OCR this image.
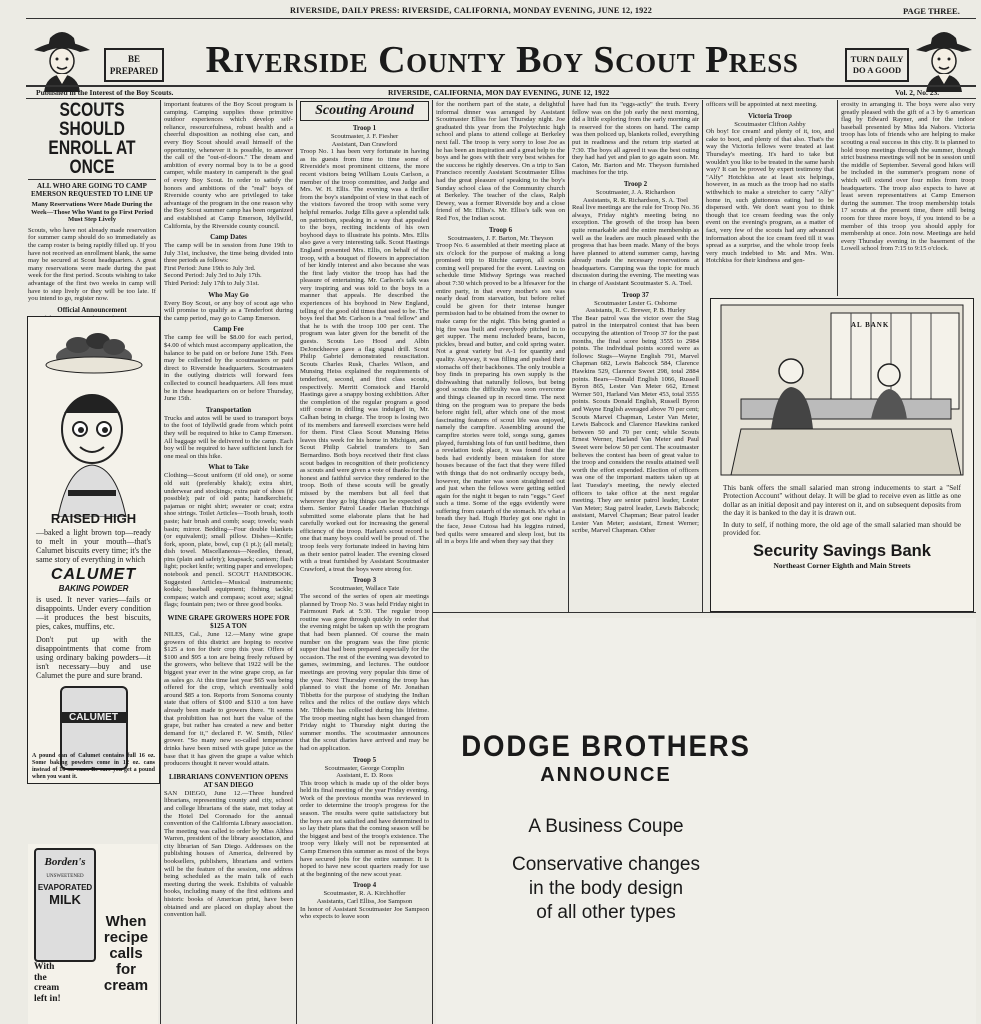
RIVERSIDE, DAILY PRESS: RIVERSIDE, CALIFORNIA, MONDAY EVENING, JUNE 12, 1922	PAGE THREE.
BE PREPARED	Riverside County Boy Scout Press	TURN DAILY DO A GOOD
Published in the Interest of the Boy Scouts.	RIVERSIDE, CALIFORNIA, MON DAY EVENING, JUNE 12, 1922	Vol. 2, No. 23.
SCOUTS SHOULD ENROLL AT ONCE
ALL WHO ARE GOING TO CAMP EMERSON REQUESTED TO LINE UP
Many Reservations Were Made During the Week—Those Who Want to go First Period Must Step Lively
Scouts, who have not already made reservation for summer camp should do so immediately as the camp roster is being rapidly filled up. If you have not received an enrollment blank, the same may be secured at Scout headquarters. A great many reservations were made during the past week for the first period. Scouts wishing to take advantage of the first two weeks in camp will have to step lively or they will be too late. If you intend to go, register now.
Official Announcement
RAISED HIGH
—baked a light brown top—ready to melt in your mouth—that's Calumet biscuits every time; it's the same story of everything in which
CALUMET
BAKING POWDER
is used. It never varies—fails or disappoints. Under every condition—it produces the best biscuits, pies, cakes, muffins, etc.
Don't put up with the disappointments that come from using ordinary baking powders—it isn't necessary—buy and use Calumet the pure and sure brand.
CALUMET
A pound can of Calumet contains full 16 oz. Some baking powders come in 12 oz. cans instead of 16 oz. cans. Be sure you get a pound when you want it.
Borden's
UNSWEETENED
EVAPORATED
MILK
With the cream left in!
When recipe calls for cream
important features of the Boy Scout program is camping. Camping supplies those primitive outdoor experiences which develop self-reliance, resourcefulness, robust health and a cheerful disposition as nothing else can, and every Boy Scout should avail himself of the opportunity, whenever it is possible, to answer the call of the "out-of-doors." The dream and ambition of every normal boy is to be a good camper, while mastery in camperaft is the goal of every Boy Scout. In order to satisfy the honors and ambitions of the "real" boys of Riverside county who are privileged to take advantage of the program in the one reason why the Boy Scout summer camp has been organized and established at Camp Emerson, Idyllwild, California, by the Riverside county council.
Camp Dates
The camp will be in session from June 19th to July 31st, inclusive, the time being divided into three periods as follows:
First Period: June 19th to July 3rd.
Second Period: July 3rd to July 17th.
Third Period: July 17th to July 31st.
Who May Go
Every Boy Scout, or any boy of scout age who will promise to qualify as a Tenderfoot during the camp period, may go to Camp Emerson.
Camp Fee
The camp fee will be $8.00 for each period, $4.00 of which must accompany application, the balance to be paid on or before June 15th. Fees may be collected by the scoutmasters or paid direct to Riverside headquarters. Scoutmasters in the outlying districts will forward fees collected to council headquarters. All fees must be in these headquarters on or before Thursday, June 15th.
Transportation
Trucks and autos will be used to transport boys to the foot of Idyllwild grade from which point they will be required to hike to Camp Emerson. All baggage will be delivered to the camp. Each boy will be required to have sufficient lunch for one meal on this hike.
What to Take
Clothing—Scout uniform (if old one), or some old suit (preferably khaki); extra shirt, underwear and stockings; extra pair of shoes (if possible); pair of old pants; handkerchiefs; pajamas or night shirt; sweater or coat; extra shoe strings. Toilet Articles—Tooth brush, tooth paste; hair brush and comb; soap; towels; wash basin; mirror. Bedding—Four double blankets (or equivalent); small pillow. Dishes—Knife; fork, spoon, plate, bowl, cup (1 pt.); (all metal); dish towel. Miscellaneous—Needles, thread, pins (plain and safety); knapsack; canteen; flash light; pocket knife; writing paper and envelopes; notebook and pencil. SCOUT HANDBOOK. Suggested Articles—Musical instruments; kodak; baseball equipment; fishing tackle; compass; watch and compass; scout axe; signal flags; fountain pen; two or three good books.
WINE GRAPE GROWERS HOPE FOR $125 A TON
NILES, Cal., June 12.—Many wine grape growers of this district are hoping to receive $125 a ton for their crop this year. Offers of $100 and $95 a ton are being freely refused by the growers, who believe that 1922 will be the biggest year ever in the wine grape crop, as far as sales go. At this time last year $65 was being offered for the crop, which eventually sold around $85 a ton. Reports from Sonoma county state that offers of $100 and $110 a ton have already been made to growers there. "It seems that prohibition has not hurt the value of the grape, but rather has created a new and better demand for it," declared F. W. Smith, Niles' grower. "So many new so-called temperance drinks have been mixed with grape juice as the base that it has given the grape a value which producers thought it never would attain.
LIBRARIANS CONVENTION OPENS AT SAN DIEGO
SAN DIEGO, June 12.—Three hundred librarians, representing county and city, school and college librarians of the state, met today at the Hotel Del Coronado for the annual convention of the California Library association. The meeting was called to order by Miss Althea Warren, president of the library association, and city librarian of San Diego. Addresses on the publishing houses of America, delivered by booksellers, publishers, librarians and writers will be the feature of the session, one address being scheduled as the main talk of each meeting during the week. Exhibits of valuable books, including many of the first editions and historic books of American print, have been obtained and are placed on display about the convention hall.
Scouting Around
Troop 1
Scoutmaster, J. F. Fiesher
Assistant, Dan Crawford
Troop No. 1 has been very fortunate in having as its guests from time to time some of Riverside's most prominent citizens, the more recent visitors being William Louis Carlson, a member of the troop committee, and Judge and Mrs. W. H. Ellis. The evening was a thriller from the boy's standpoint of view in that each of the visitors favored the troop with some very helpful remarks. Judge Ellis gave a splendid talk on patriotism, speaking in a way that appealed to the boys, reciting incidents of his own boyhood days to illustrate his points. Mrs. Ellis also gave a very interesting talk. Scout Hastings England presented Mrs. Ellis, on behalf of the troop, with a bouquet of flowers in appreciation of her kindly interest and also because she was the first lady visitor the troop has had the pleasure of entertaining. Mr. Carlson's talk was very inspiring and was told to the boys in a manner that appeals. He described the experiences of his boyhood in New England, telling of the good old times that used to be. The boys feel that Mr. Carlson is a "real fellow" and that he is with the troop 100 per cent. The program was later given for the benefit of the guests. Scouts Leo Hood and Albin DeJonckheeve gave a flag signal drill. Scout Philip Gabriel demonstrated resuscitation. Scouts Charles Rusk, Charles Wilson, and Munsing Heiss explained the requirements of tenderfoot, second, and first class scouts, respectively. Merritt Comstock and Harold Hastings gave a snappy boxing exhibition. After the completion of the regular program a good stiff course in drilling was indulged in, Mr. Calhan being in charge. The troop is losing two of its members and farewell exercises were held for them. First Class Scout Munsing Heiss leaves this week for his home in Michigan, and Scout Philip Gabriel transfers to San Bernardino. Both boys received their first class scout badges in recognition of their proficiency as scouts and were given a vote of thanks for the honest and faithful service they rendered to the troop. Both of these scouts will be greatly missed by the members but all feel that wherever they go big things can be expected of them. Senior Patrol Leader Harlan Hutchings submitted some elaborate plans that he had carefully worked out for increasing the general efficiency of the troop. Harlan's scout record is one that many boys could well be proud of. The troop feels very fortunate indeed in having him as their senior patrol leader. The evening closed with a treat furnished by Assistant Scoutmaster Crawford, a treat the boys were strong for.
Troop 3
Scoutmaster, Wallace Tate
The second of the series of open air meetings planned by Troop No. 3 was held Friday night in Fairmount Park at 5:30. The regular troop routine was gone through quickly in order that the evening might be taken up with the program that had been planned. Of course the main number on the program was the fine picnic supper that had been prepared especially for the occasion. The rest of the evening was devoted to games, swimming, and lectures. The outdoor meetings are proving very popular this time of the year. Next Thursday evening the troop has planned to visit the home of Mr. Jonathan Tibbetts for the purpose of studying the Indian relics and the relics of the outlaw days which Mr. Tibbetts has collected during his lifetime. The troop meeting night has been changed from Friday night to Thursday night during the summer months. The scoutmaster announces that the scout diaries have arrived and may be had on application.
Troop 5
Scoutmaster, George Complin
Assistant, E. D. Roos
This troop which is made up of the older boys held its final meeting of the year Friday evening. Work of the previous months was reviewed in order to determine the troop's progress for the season. The results were quite satisfactory but the boys are not satisfied and have determined to so lay their plans that the coming season will be the biggest and best of the troop's existence. The troop very likely will not be represented at Camp Emerson this summer as most of the boys have secured jobs for the entire summer. It is hoped to have new scout quarters ready for use at the beginning of the new scout year.
Troop 4
Scoutmaster, R. A. Kirchhoffer
Assistants, Carl Elliss, Joe Sampson
In honor of Assistant Scoutmaster Joe Sampson who expects to leave soon
for the northern part of the state, a delightful informal dinner was arranged by Assistant Scoutmaster Elliss for last Thursday night. Joe graduated this year from the Polytechnic high school and plans to attend college at Berkeley next fall. The troop is very sorry to lose Joe as he has been an inspiration and a great help to the boys and he goes with their very best wishes for the success he rightly deserves. On a trip to San Francisco recently Assistant Scoutmaster Elliss had the great pleasure of speaking to the boy's Sunday school class of the Community church at Berkeley. The teacher of the class, Ralph Dewey, was a former Riverside boy and a close friend of Mr. Elliss's. Mr. Elliss's talk was on Red Fox, the Indian scout.
Troop 6
Scoutmasters, J. F. Barton, Mr. Theyson
Troop No. 6 assembled at their meeting place at six o'clock for the purpose of making a long promised trip to Ritchie canyon, all scouts coming well prepared for the event. Leaving on schedule time Midway Springs was reached about 7:30 which proved to be a lifesaver for the entire party, in that every mother's son was nearly dead from starvation, but before relief could be given for their intense hunger permission had to be obtained from the owner to make camp for the night. This being granted a big fire was built and everybody pitched in to get supper. The menu included beans, bacon, pickles, bread and butter, and cold spring water. Not a great variety but A-1 for quantity and quality. Anyway, it was filling and pushed their stomachs off their backbones. The only trouble a boy finds in preparing his own supply is the dishwashing that naturally follows, but being good scouts the difficulty was soon overcome and things cleaned up in record time. The next thing on the program was to prepare the beds before night fell, after which one of the most fascinating features of scout life was enjoyed, namely the campfire. Assembling around the campfire stories were told, songs sung, games played, furnishing lots of fun until bedtime, then a revelation took place, it was found that the beds had evidently been mistaken for store houses because of the fact that they were filled with things that do not ordinarily occupy beds, however, the matter was soon straightened out and just when the fellows were getting settled again for the night it began to rain "eggs." Gee! such a time. Some of the eggs evidently were suffering from catarrh of the stomach. It's what a breath they had. Hugh Hurley got one right in the face, Jesse Cutosa had his leggins ruined, bed quilts were smeared and sleep lost, but its all in a boys life and when they say that they
have had fun its "eggs-actly" the truth. Every fellow was on the job early the next morning, did a little exploring from the early morning air is reserved for the stores on hand. The camp was then policed up, blankets rolled, everything put in readiness and the return trip started at 7:30. The boys all agreed it was the best outing they had had yet and plan to go again soon. Mr. Caton, Mr. Barton and Mr. Theyson furnished machines for the trip.
Troop 2
Scoutmaster, J. A. Richardson
Assistants, R. R. Richardson, S. A. Toel
Real live meetings are the rule for Troop No. 36 always, Friday night's meeting being no exception. The growth of the troop has been quite remarkable and the entire membership as well as the leaders are much pleased with the progress that has been made. Many of the boys have planned to attend summer camp, having already made the necessary reservations at headquarters. Camping was the topic for much discussion during the evening. The meeting was in charge of Assistant Scoutmaster S. A. Toel.
Troop 37
Scoutmaster Lester G. Osborne
Assistants, R. C. Brewer, P. B. Hurley
The Bear patrol was the victor over the Stag patrol in the interpatrol contest that has been occupying the attention of Troop 37 for the past months, the final score being 3555 to 2984 points. The individual points scored were as follows: Stags—Wayne English 791, Marvel Chapman 682, Lewis Babcock 584, Clarence Hawkins 529, Clarence Sweet 298, total 2884 points. Bears—Donald English 1066, Russell Byron 865, Lester Van Meter 662, Ernest Werner 501, Harland Van Meter 453, total 3555 points. Scouts Donald English, Russell Byron and Wayne English averaged above 70 per cent; Scouts Marvel Chapman, Lester Van Meter, Lewis Babcock and Clarence Hawkins ranked between 50 and 70 per cent; while Scouts Ernest Werner, Harland Van Meter and Paul Sweet were below 50 per cent. The scoutmaster believes the contest has been of great value to the troop and considers the results attained well worth the effort expended. Election of officers was one of the important matters taken up at last Tuesday's meeting, the newly elected officers to take office at the next regular meeting. They are senior patrol leader, Lester Van Meter; Stag patrol leader, Lewis Babcock; assistant, Marvel Chapman; Bear patrol leader Lester Van Meter; assistant, Ernest Werner; scribe, Marvel Chapman. Other
officers will be appointed at next meeting.
Victoria Troop
Scoutmaster Clifton Ashby
Oh boy! Ice cream! and plenty of it, too, and cake to boot, and plenty of that also. That's the way the Victoria fellows were treated at last Thursday's meeting. It's hard to take but wouldn't you like to be treated in the same harsh way? It can be proved by expert testimony that "Alfy" Hotchkiss ate at least six helpings, however, in as much as the troop had no staffs withwhich to make a stretcher to carry "Alfy" home in, such gluttonous eating had to be dispensed with. We don't want you to think though that ice cream feeding was the only event on the evening's program, as a matter of fact, very few of the scouts had any advanced information about the ice cream feed till it was spread as a surprise, and the whole troop feels very much indebted to Mr. and Mrs. Wm. Hotchkiss for their kindness and gen-
erosity in arranging it. The boys were also very greatly pleased with the gift of a 3 by 6 american flag by Edward Rayner, and for the indoor baseball presented by Miss Ida Nabors. Victoria troop has lots of friends who are helping to make scouting a real success in this city. It is planned to hold troop meetings through the summer, though strict business meetings will not be in session until the middle of September. Several good hikes will be included in the summer's program none of which will extend over four miles from troop headquarters. The troop also expects to have at least seven representatives at Camp Emerson during the summer. The troop membership totals 17 scouts at the present time, there still being room for three more boys, if you intend to be a member of this troop you should apply for membership at once. Join now. Meetings are held every Thursday evening in the basement of the Lowell school from 7:15 to 9:15 o'clock.
AL BANK
This bank offers the small salaried man strong inducements to start a "Self Protection Account" without delay. It will be glad to receive even as little as one dollar as an initial deposit and pay interest on it, and on subsequent deposits from the day it is banked to the day it is drawn out.
In duty to self, if nothing more, the old age of the small salaried man should be provided for.
Security Savings Bank
Northeast Corner Eighth and Main Streets
DODGE BROTHERS
ANNOUNCE
A Business Coupe
Conservative changes
in the body design
of all other types
